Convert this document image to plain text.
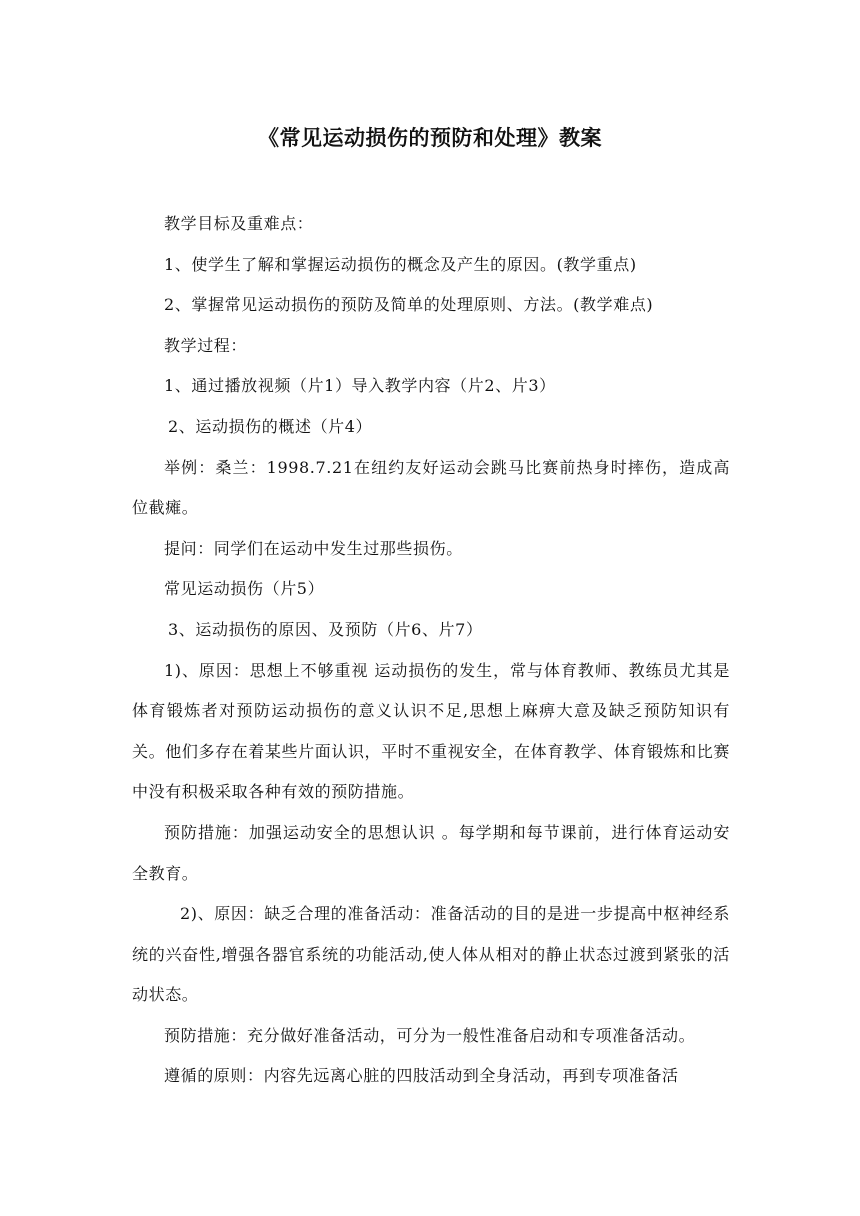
《常见运动损伤的预防和处理》教案

教学目标及重难点：

1、使学生了解和掌握运动损伤的概念及产生的原因。(教学重点)

2、掌握常见运动损伤的预防及简单的处理原则、方法。(教学难点)

教学过程：

1、通过播放视频（片1）导入教学内容（片2、片3）

2、运动损伤的概述（片4）

举例：桑兰：1998.7.21在纽约友好运动会跳马比赛前热身时摔伤，造成高位截瘫。

提问：同学们在运动中发生过那些损伤。

常见运动损伤（片5）

3、运动损伤的原因、及预防（片6、片7）

1)、原因：思想上不够重视 运动损伤的发生，常与体育教师、教练员尤其是体育锻炼者对预防运动损伤的意义认识不足,思想上麻痹大意及缺乏预防知识有关。他们多存在着某些片面认识，平时不重视安全，在体育教学、体育锻炼和比赛中没有积极采取各种有效的预防措施。

预防措施：加强运动安全的思想认识 。每学期和每节课前，进行体育运动安全教育。

2)、原因：缺乏合理的准备活动：准备活动的目的是进一步提高中枢神经系统的兴奋性,增强各器官系统的功能活动,使人体从相对的静止状态过渡到紧张的活动状态。

预防措施：充分做好准备活动，可分为一般性准备启动和专项准备活动。

遵循的原则：内容先远离心脏的四肢活动到全身活动，再到专项准备活
